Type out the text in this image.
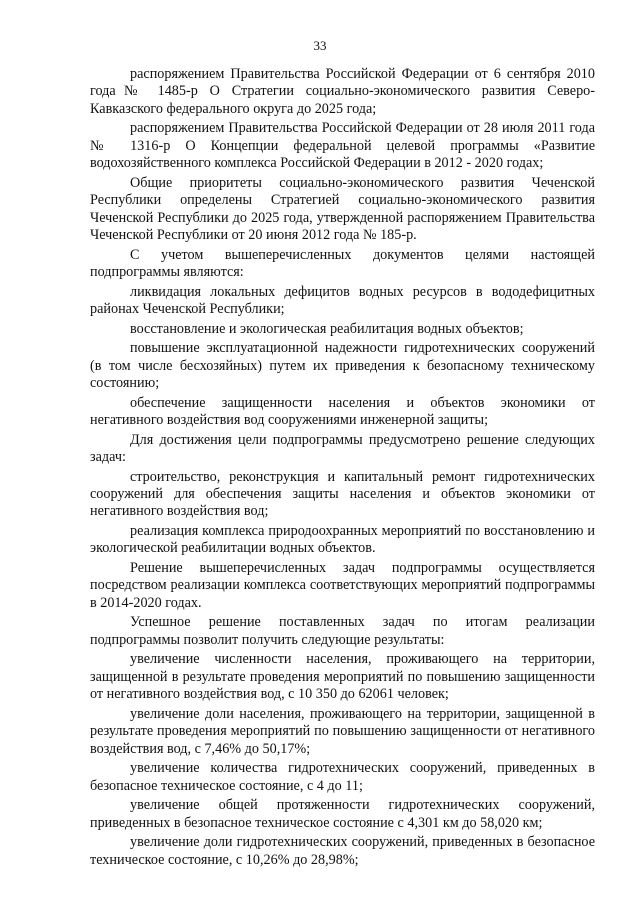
33

распоряжением Правительства Российской Федерации от 6 сентября 2010 года№ 1485-р О Стратегии социально-экономического развития Северо-Кавказского федерального округа до 2025 года;

распоряжением Правительства Российской Федерации от 28 июля 2011 года № 1316-р О Концепции федеральной целевой программы «Развитие водохозяйственного комплекса Российской Федерации в 2012 - 2020 годах;

Общие приоритеты социально-экономического развития Чеченской Республики определены Стратегией социально-экономического развития Чеченской Республики до 2025 года, утвержденной распоряжением Правительства Чеченской Республики от 20 июня 2012 года № 185-р.

С учетом вышеперечисленных документов целями настоящей подпрограммы являются:

ликвидация локальных дефицитов водных ресурсов в вододефицитных районах Чеченской Республики;

восстановление и экологическая реабилитация водных объектов;

повышение эксплуатационной надежности гидротехнических сооружений (в том числе бесхозяйных) путем их приведения к безопасному техническому состоянию;

обеспечение защищенности населения и объектов экономики от негативного воздействия вод сооружениями инженерной защиты;

Для достижения цели подпрограммы предусмотрено решение следующих задач:

строительство, реконструкция и капитальный ремонт гидротехнических сооружений для обеспечения защиты населения и объектов экономики от негативного воздействия вод;

реализация комплекса природоохранных мероприятий по восстановлению и экологической реабилитации водных объектов.

Решение вышеперечисленных задач подпрограммы осуществляется посредством реализации комплекса соответствующих мероприятий подпрограммы в 2014-2020 годах.

Успешное решение поставленных задач по итогам реализации подпрограммы позволит получить следующие результаты:

увеличение численности населения, проживающего на территории, защищенной в результате проведения мероприятий по повышению защищенности от негативного воздействия вод, с 10 350 до 62061 человек;

увеличение доли населения, проживающего на территории, защищенной в результате проведения мероприятий по повышению защищенности от негативного воздействия вод, с 7,46% до 50,17%;

увеличение количества гидротехнических сооружений, приведенных в безопасное техническое состояние, с 4 до 11;

увеличение общей протяженности гидротехнических сооружений, приведенных в безопасное техническое состояние с 4,301 км до 58,020 км;

увеличение доли гидротехнических сооружений, приведенных в безопасное техническое состояние, с 10,26% до 28,98%;
